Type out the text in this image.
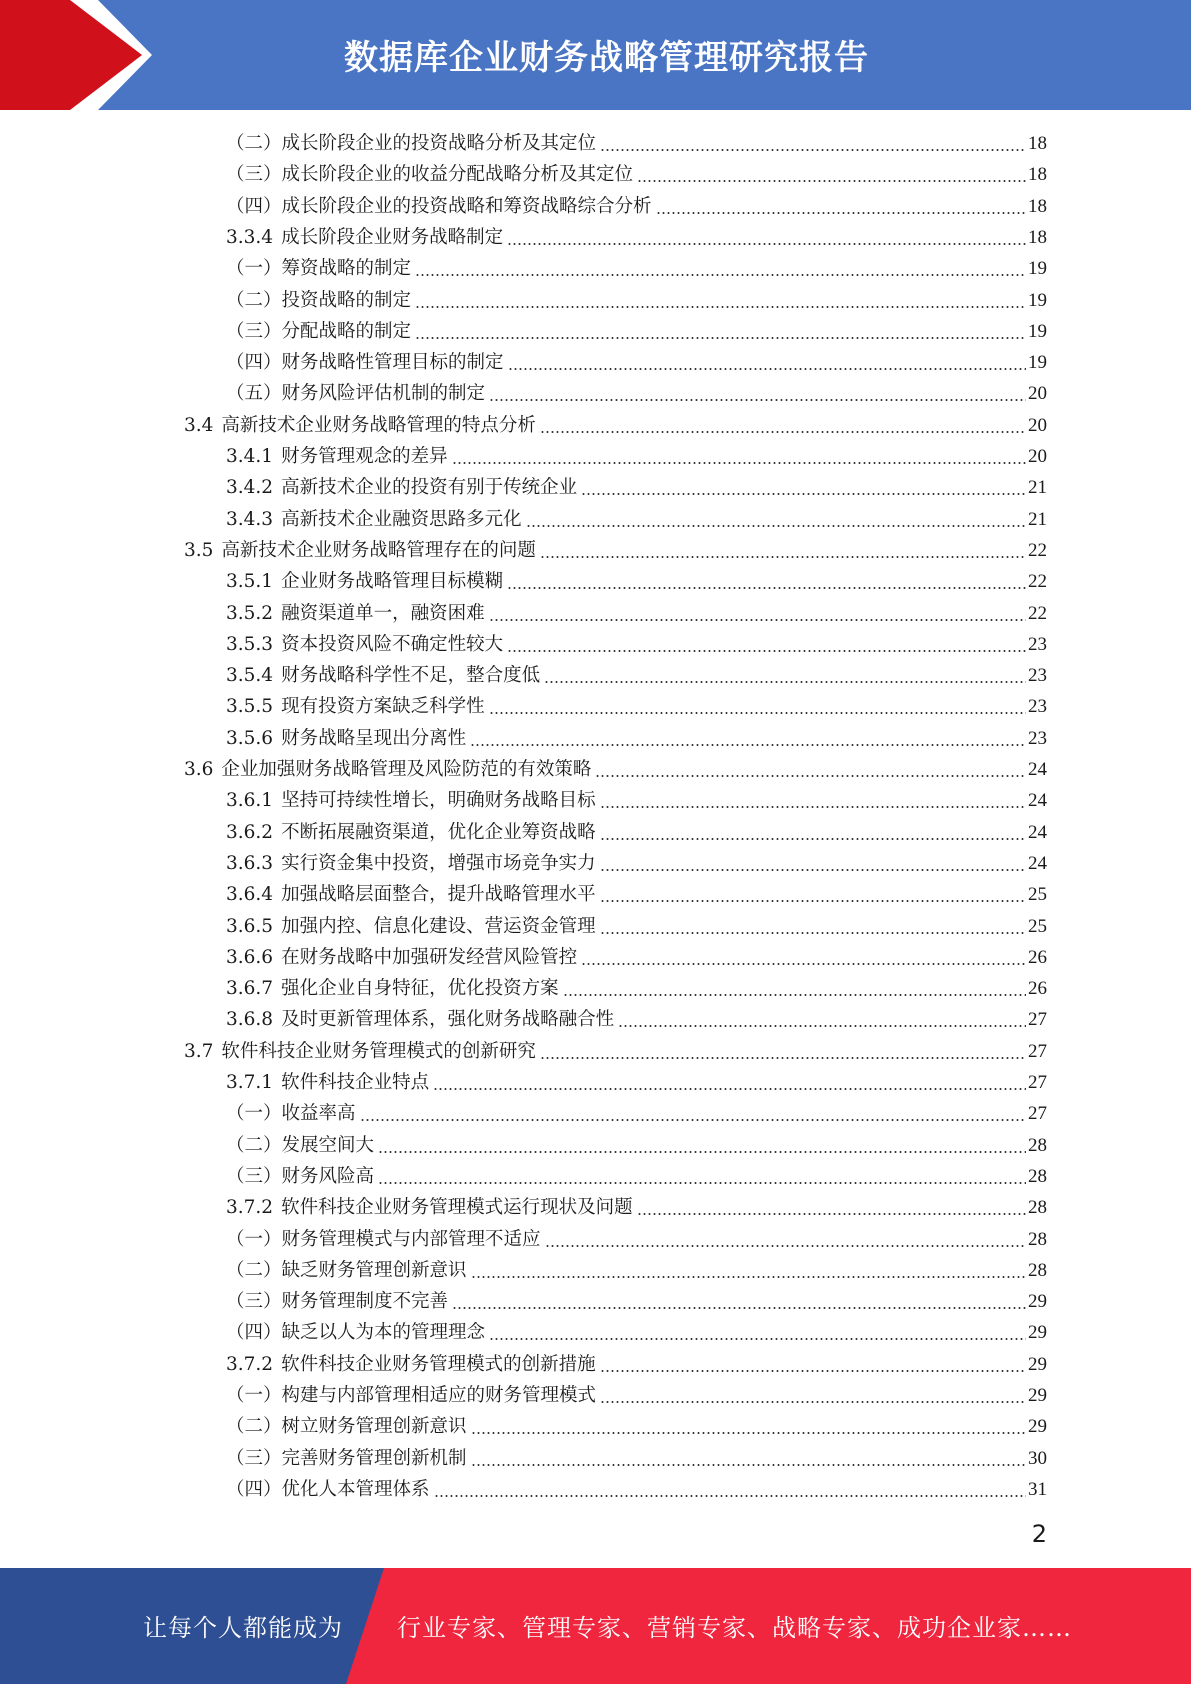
数据库企业财务战略管理研究报告
（二）成长阶段企业的投资战略分析及其定位	18
（三）成长阶段企业的收益分配战略分析及其定位	18
（四）成长阶段企业的投资战略和筹资战略综合分析	18
3.3.4 成长阶段企业财务战略制定	18
（一）筹资战略的制定	19
（二）投资战略的制定	19
（三）分配战略的制定	19
（四）财务战略性管理目标的制定	19
（五）财务风险评估机制的制定	20
3.4 高新技术企业财务战略管理的特点分析	20
3.4.1 财务管理观念的差异	20
3.4.2 高新技术企业的投资有别于传统企业	21
3.4.3 高新技术企业融资思路多元化	21
3.5 高新技术企业财务战略管理存在的问题	22
3.5.1 企业财务战略管理目标模糊	22
3.5.2 融资渠道单一，融资困难	22
3.5.3 资本投资风险不确定性较大	23
3.5.4 财务战略科学性不足，整合度低	23
3.5.5 现有投资方案缺乏科学性	23
3.5.6 财务战略呈现出分离性	23
3.6 企业加强财务战略管理及风险防范的有效策略	24
3.6.1 坚持可持续性增长，明确财务战略目标	24
3.6.2 不断拓展融资渠道，优化企业筹资战略	24
3.6.3 实行资金集中投资，增强市场竞争实力	24
3.6.4 加强战略层面整合，提升战略管理水平	25
3.6.5 加强内控、信息化建设、营运资金管理	25
3.6.6 在财务战略中加强研发经营风险管控	26
3.6.7 强化企业自身特征，优化投资方案	26
3.6.8 及时更新管理体系，强化财务战略融合性	27
3.7 软件科技企业财务管理模式的创新研究	27
3.7.1 软件科技企业特点	27
（一）收益率高	27
（二）发展空间大	28
（三）财务风险高	28
3.7.2 软件科技企业财务管理模式运行现状及问题	28
（一）财务管理模式与内部管理不适应	28
（二）缺乏财务管理创新意识	28
（三）财务管理制度不完善	29
（四）缺乏以人为本的管理理念	29
3.7.2 软件科技企业财务管理模式的创新措施	29
（一）构建与内部管理相适应的财务管理模式	29
（二）树立财务管理创新意识	29
（三）完善财务管理创新机制	30
（四）优化人本管理体系	31
2
让每个人都能成为 行业专家、管理专家、营销专家、战略专家、成功企业家……
